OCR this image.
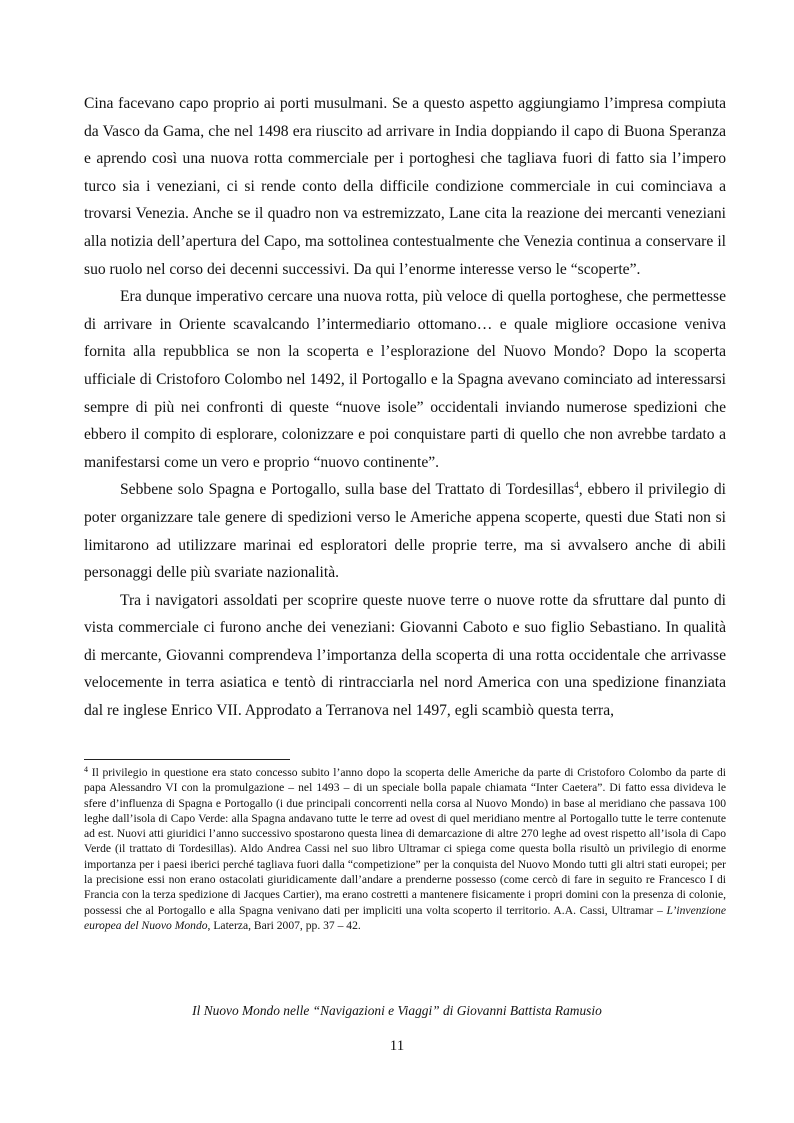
Cina facevano capo proprio ai porti musulmani. Se a questo aspetto aggiungiamo l’impresa compiuta da Vasco da Gama, che nel 1498 era riuscito ad arrivare in India doppiando il capo di Buona Speranza e aprendo così una nuova rotta commerciale per i portoghesi che tagliava fuori di fatto sia l’impero turco sia i veneziani, ci si rende conto della difficile condizione commerciale in cui cominciava a trovarsi Venezia. Anche se il quadro non va estremizzato, Lane cita la reazione dei mercanti veneziani alla notizia dell’apertura del Capo, ma sottolinea contestualmente che Venezia continua a conservare il suo ruolo nel corso dei decenni successivi. Da qui l’enorme interesse verso le “scoperte”.

Era dunque imperativo cercare una nuova rotta, più veloce di quella portoghese, che permettesse di arrivare in Oriente scavalcando l’intermediario ottomano… e quale migliore occasione veniva fornita alla repubblica se non la scoperta e l’esplorazione del Nuovo Mondo? Dopo la scoperta ufficiale di Cristoforo Colombo nel 1492, il Portogallo e la Spagna avevano cominciato ad interessarsi sempre di più nei confronti di queste “nuove isole” occidentali inviando numerose spedizioni che ebbero il compito di esplorare, colonizzare e poi conquistare parti di quello che non avrebbe tardato a manifestarsi come un vero e proprio “nuovo continente”.

Sebbene solo Spagna e Portogallo, sulla base del Trattato di Tordesillas$^4$, ebbero il privilegio di poter organizzare tale genere di spedizioni verso le Americhe appena scoperte, questi due Stati non si limitarono ad utilizzare marinai ed esploratori delle proprie terre, ma si avvalsero anche di abili personaggi delle più svariate nazionalità.

Tra i navigatori assoldati per scoprire queste nuove terre o nuove rotte da sfruttare dal punto di vista commerciale ci furono anche dei veneziani: Giovanni Caboto e suo figlio Sebastiano. In qualità di mercante, Giovanni comprendeva l’importanza della scoperta di una rotta occidentale che arrivasse velocemente in terra asiatica e tentò di rintracciarla nel nord America con una spedizione finanziata dal re inglese Enrico VII. Approdato a Terranova nel 1497, egli scambiò questa terra,

$^4$ Il privilegio in questione era stato concesso subito l’anno dopo la scoperta delle Americhe da parte di Cristoforo Colombo da parte di papa Alessandro VI con la promulgazione – nel 1493 – di un speciale bolla papale chiamata “Inter Caetera”. Di fatto essa divideva le sfere d’influenza di Spagna e Portogallo (i due principali concorrenti nella corsa al Nuovo Mondo) in base al meridiano che passava 100 leghe dall’isola di Capo Verde: alla Spagna andavano tutte le terre ad ovest di quel meridiano mentre al Portogallo tutte le terre contenute ad est. Nuovi atti giuridici l’anno successivo spostarono questa linea di demarcazione di altre 270 leghe ad ovest rispetto all’isola di Capo Verde (il trattato di Tordesillas). Aldo Andrea Cassi nel suo libro Ultramar ci spiega come questa bolla risultò un privilegio di enorme importanza per i paesi iberici perché tagliava fuori dalla “competizione” per la conquista del Nuovo Mondo tutti gli altri stati europei; per la precisione essi non erano ostacolati giuridicamente dall’andare a prenderne possesso (come cercò di fare in seguito re Francesco I di Francia con la terza spedizione di Jacques Cartier), ma erano costretti a mantenere fisicamente i propri domini con la presenza di colonie, possessi che al Portogallo e alla Spagna venivano dati per impliciti una volta scoperto il territorio. A.A. Cassi, Ultramar – L’invenzione europea del Nuovo Mondo, Laterza, Bari 2007, pp. 37 – 42.

Il Nuovo Mondo nelle “Navigazioni e Viaggi” di Giovanni Battista Ramusio
11
